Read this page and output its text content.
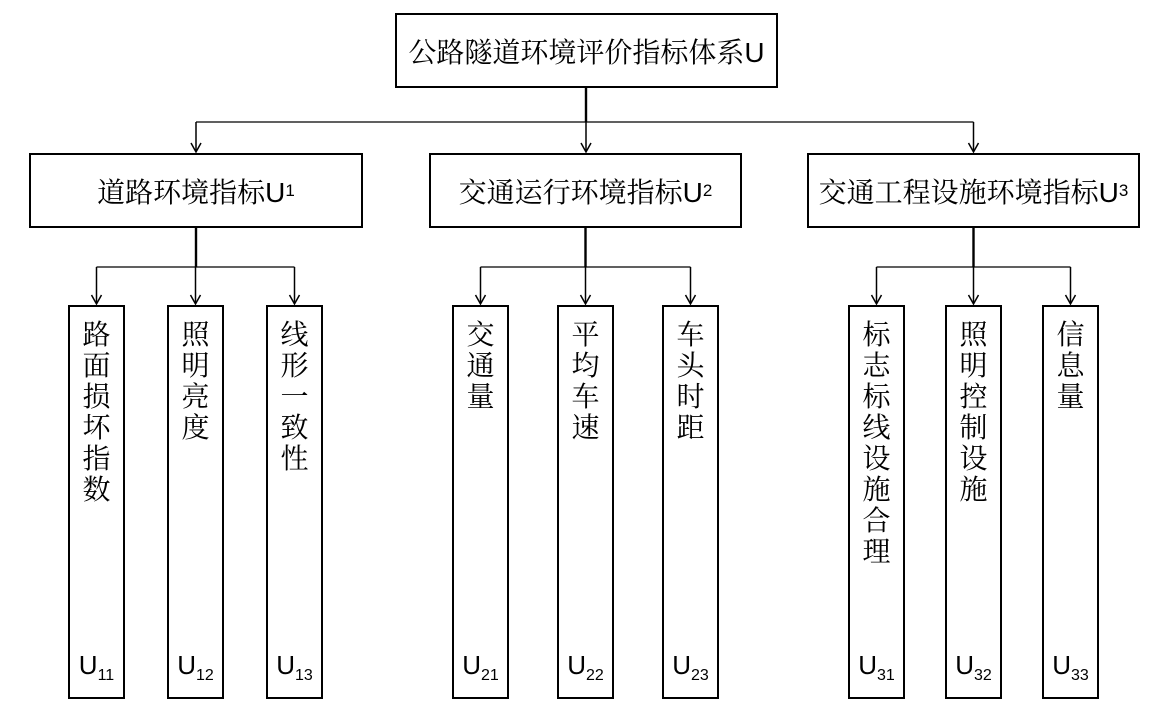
公路隧道环境评价指标体系U
道路环境指标U 1	交通运行环境指标U 2	交通工程设施环境指标U 3
路
面
损
坏
指
数
$U_{11}$
照
明
亮
度
$U_{12}$
线
形
一
致
性
$U_{13}$
交
通
量
$U_{21}$
平
均
车
速
$U_{22}$
车
头
时
距
$U_{23}$
标
志
标
线
设
施
合
理
$U_{31}$
照
明
控
制
设
施
$U_{32}$
信
息
量
$U_{33}$
